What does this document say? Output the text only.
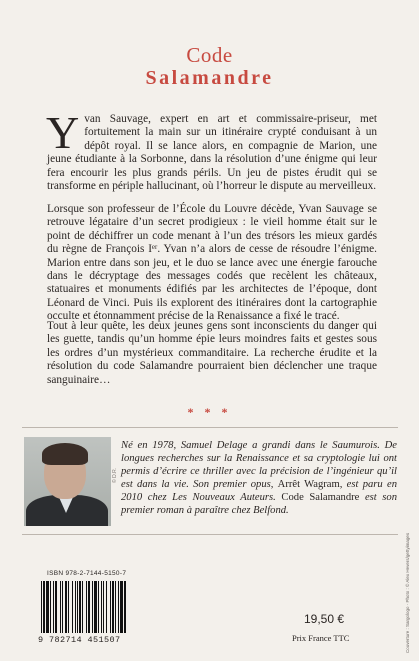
Code
Salamandre
Yvan Sauvage, expert en art et commissaire-priseur, met fortuitement la main sur un itinéraire crypté conduisant à un dépôt royal. Il se lance alors, en compagnie de Marion, une jeune étudiante à la Sorbonne, dans la résolution d’une énigme qui leur fera encourir les plus grands périls. Un jeu de pistes érudit qui se transforme en périple hallucinant, où l’horreur le dispute au merveilleux.
Lorsque son professeur de l’École du Louvre décède, Yvan Sauvage se retrouve légataire d’un secret prodigieux : le vieil homme était sur le point de déchiffrer un code menant à l’un des trésors les mieux gardés du règne de François Iᵉʳ. Yvan n’a alors de cesse de résoudre l’énigme. Marion entre dans son jeu, et le duo se lance avec une énergie farouche dans le décryptage des messages codés que recèlent les châteaux, statuaires et monuments édifiés par les architectes de l’époque, dont Léonard de Vinci. Puis ils explorent des itinéraires dont la cartographie occulte et étonnamment précise de la Renaissance a fixé le tracé.
Tout à leur quête, les deux jeunes gens sont inconscients du danger qui les guette, tandis qu’un homme épie leurs moindres faits et gestes sous les ordres d’un mystérieux commanditaire. La recherche érudite et la résolution du code Salamandre pourraient bien déclencher une traque sanguinaire…
* * *
© D.R.
Né en 1978, Samuel Delage a grandi dans le Saumurois. De longues recherches sur la Renaissance et sa cryptologie lui ont permis d’écrire ce thriller avec la précision de l’ingénieur qu’il est dans la vie. Son premier opus, Arrêt Wagram, est paru en 2010 chez Les Nouveaux Auteurs. Code Salamandre est son premier roman à paraître chez Belfond.
ISBN 978-2-7144-5150-7
9 782714 451507
19,50 €
Prix France TTC	Couverture : Sargologo · Photo : © Alex Hevers/gettyimages
